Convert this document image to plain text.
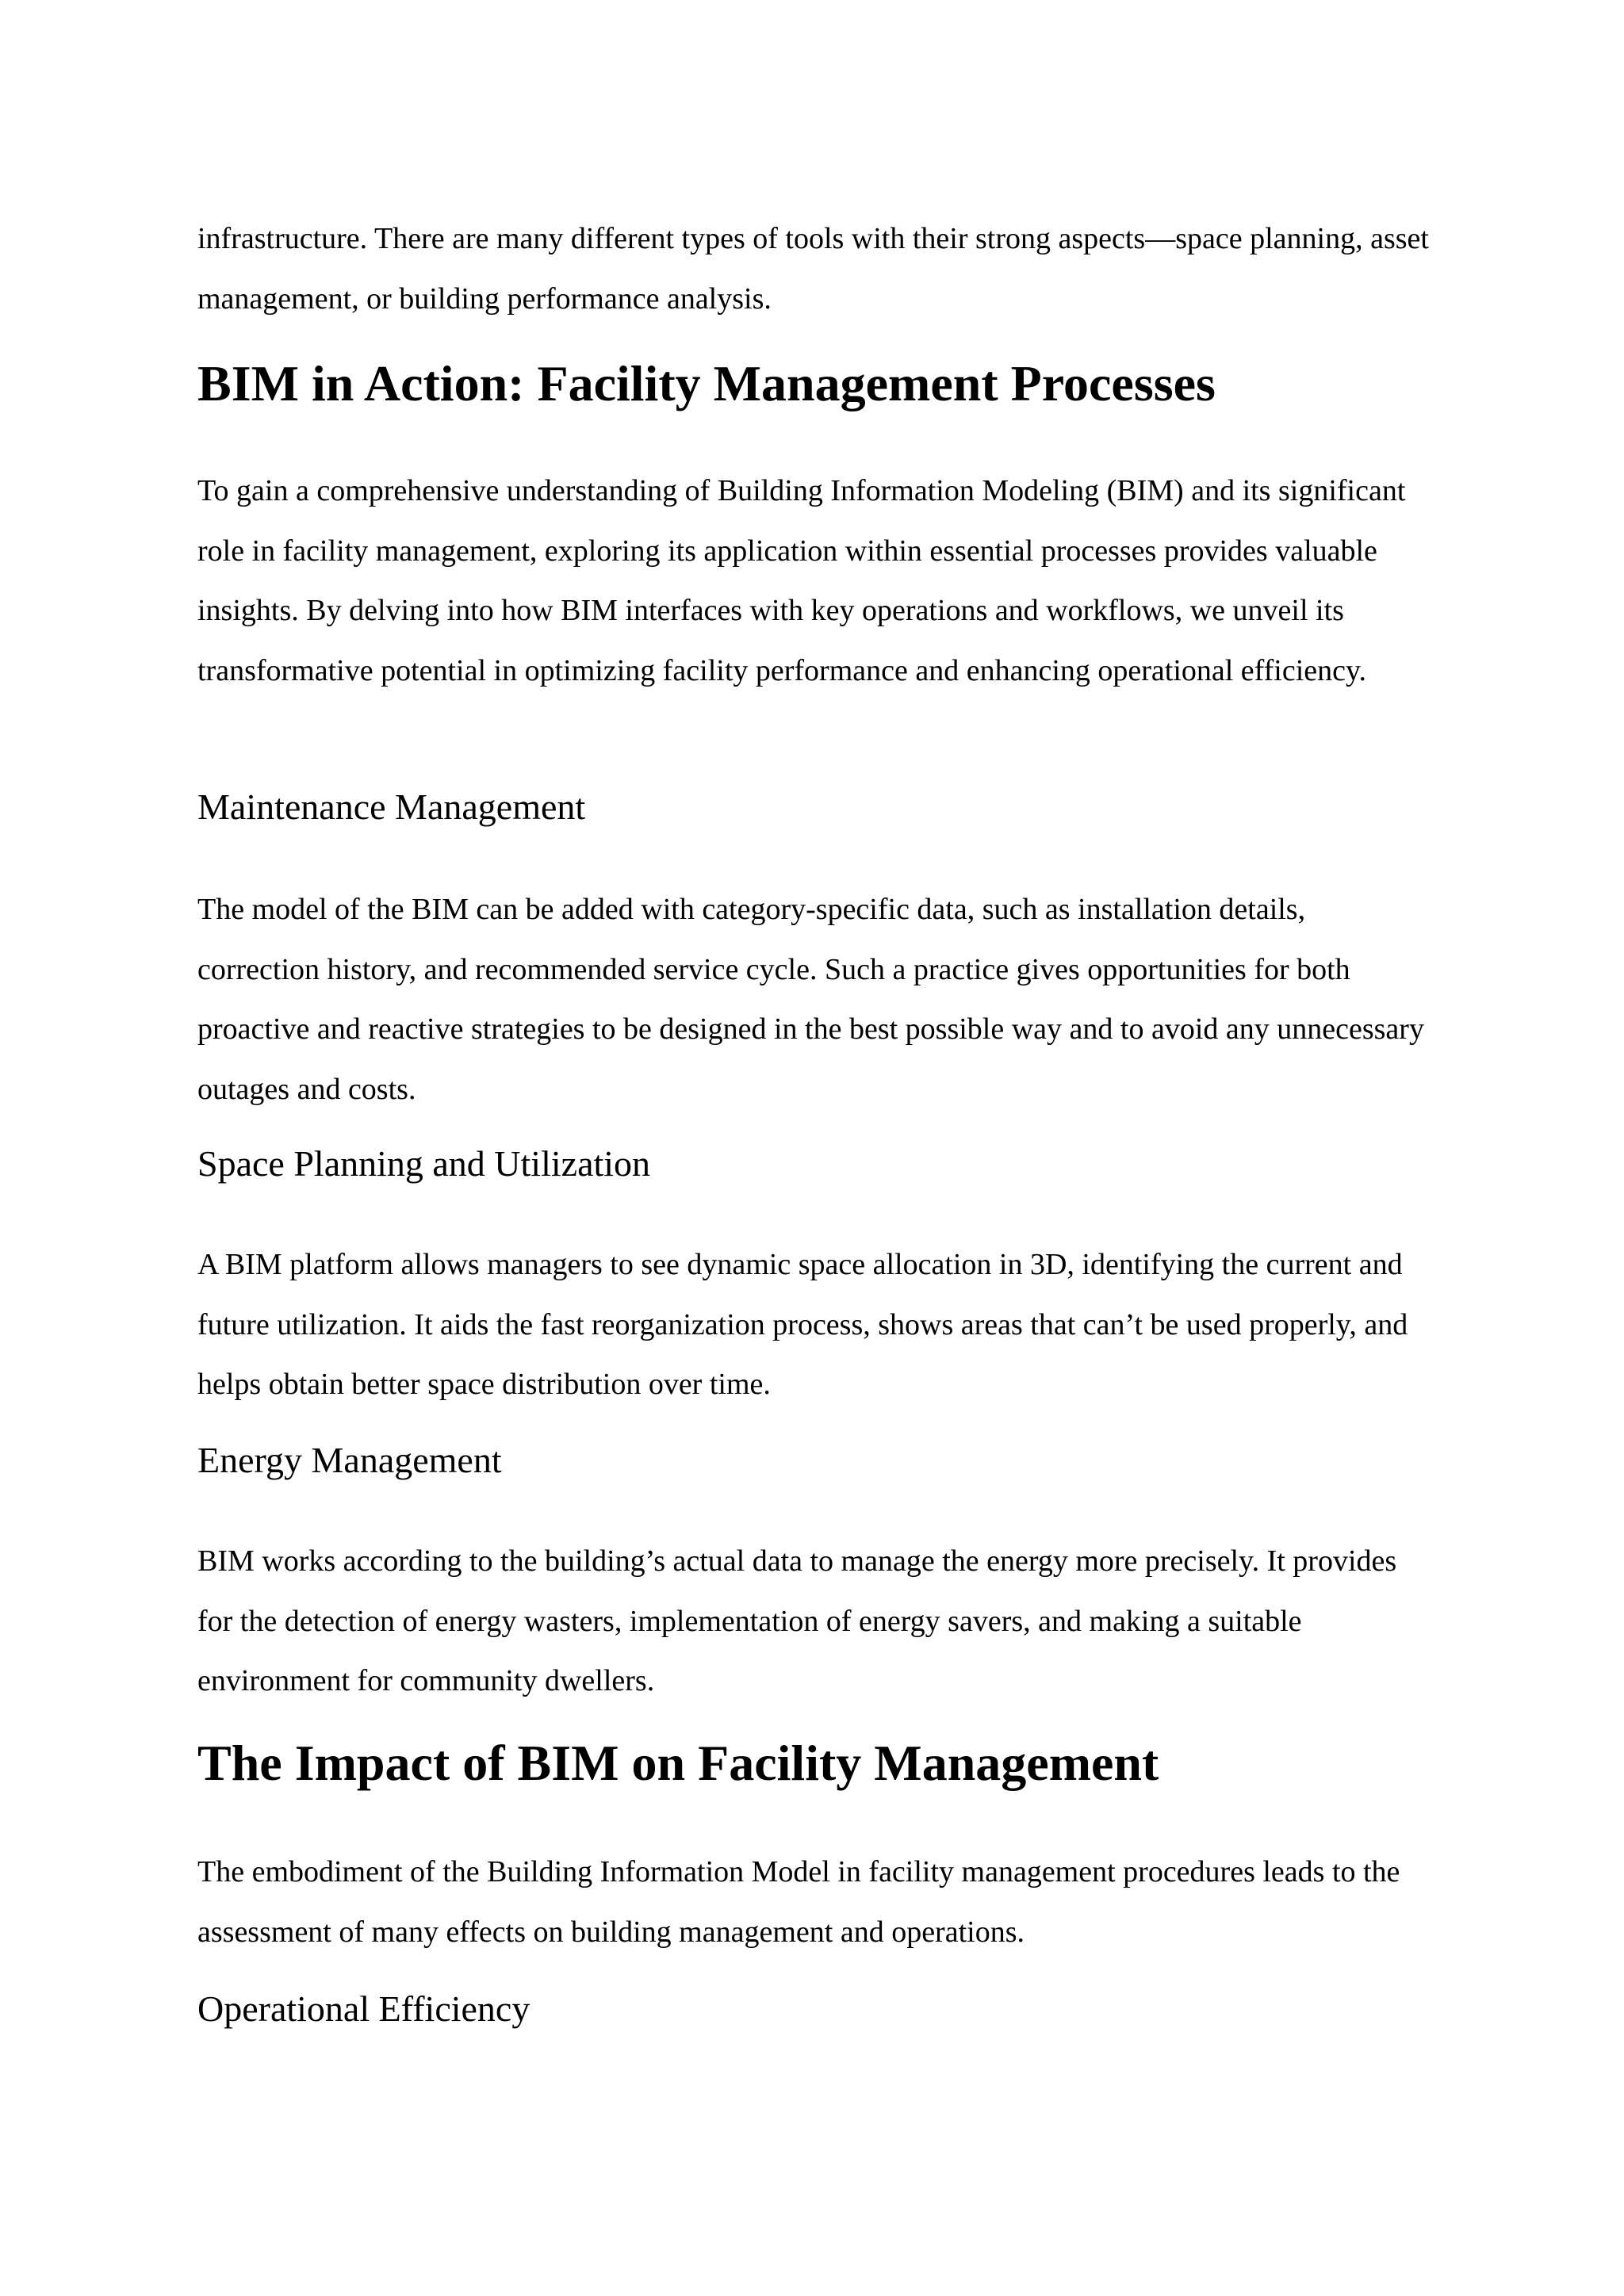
infrastructure. There are many different types of tools with their strong aspects—space planning, asset management, or building performance analysis.

BIM in Action: Facility Management Processes

To gain a comprehensive understanding of Building Information Modeling (BIM) and its significant role in facility management, exploring its application within essential processes provides valuable insights. By delving into how BIM interfaces with key operations and workflows, we unveil its transformative potential in optimizing facility performance and enhancing operational efficiency.

Maintenance Management

The model of the BIM can be added with category-specific data, such as installation details, correction history, and recommended service cycle. Such a practice gives opportunities for both proactive and reactive strategies to be designed in the best possible way and to avoid any unnecessary outages and costs.

Space Planning and Utilization

A BIM platform allows managers to see dynamic space allocation in 3D, identifying the current and future utilization. It aids the fast reorganization process, shows areas that can’t be used properly, and helps obtain better space distribution over time.

Energy Management

BIM works according to the building’s actual data to manage the energy more precisely. It provides for the detection of energy wasters, implementation of energy savers, and making a suitable environment for community dwellers.

The Impact of BIM on Facility Management

The embodiment of the Building Information Model in facility management procedures leads to the assessment of many effects on building management and operations.

Operational Efficiency
